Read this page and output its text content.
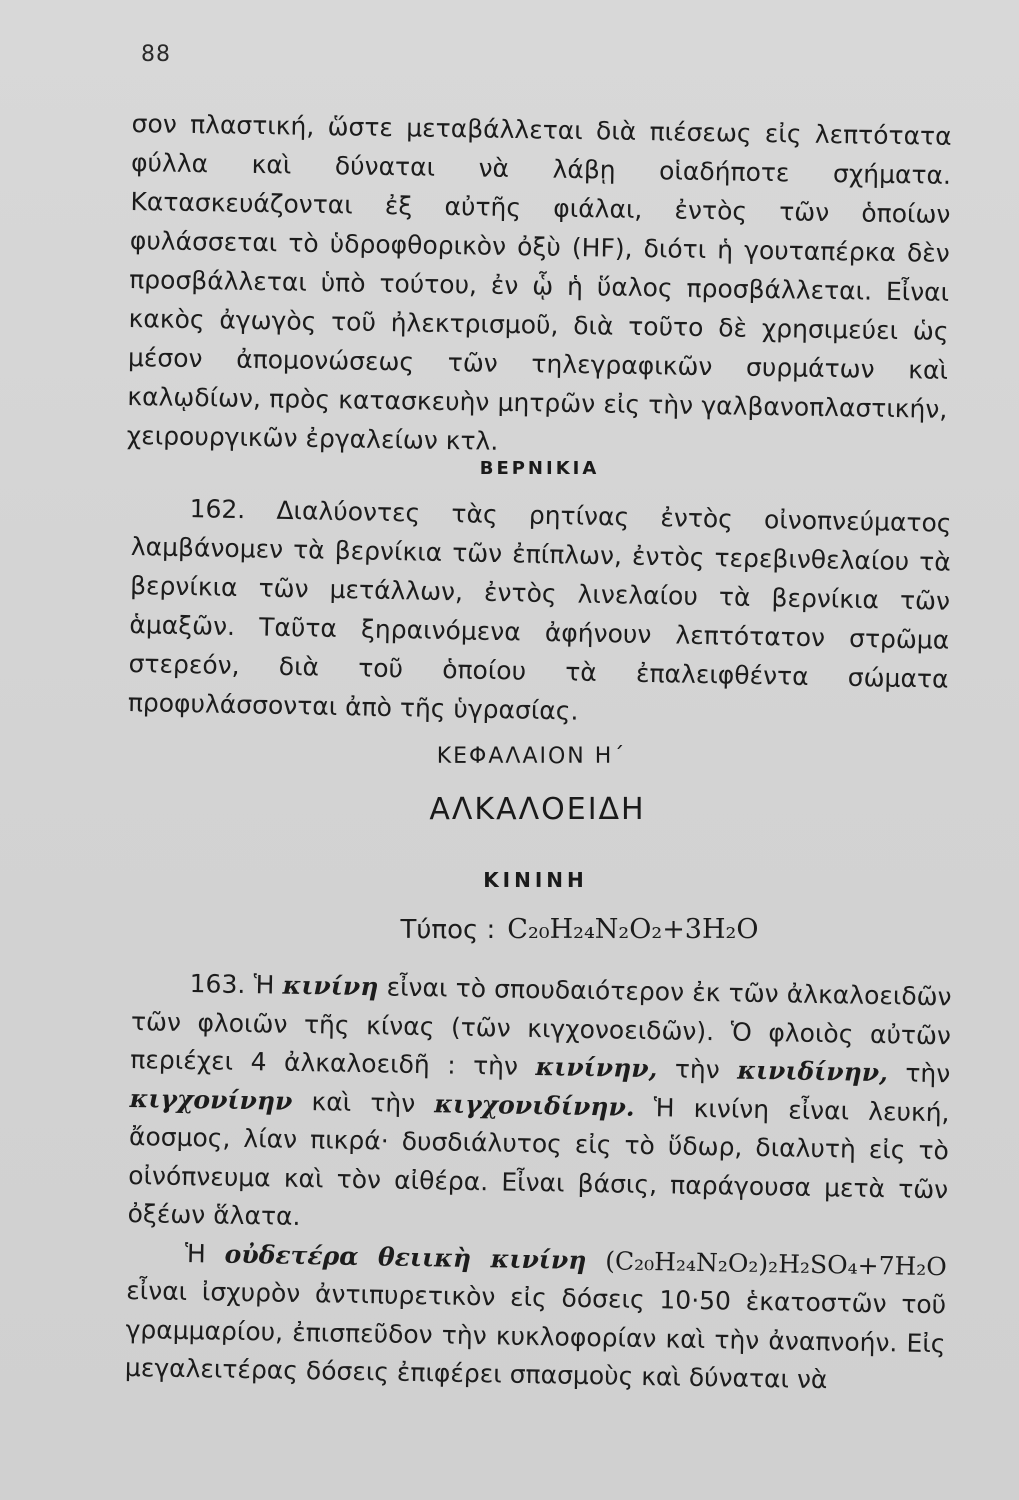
88

σον πλαστική, ὥστε μεταβάλλεται διὰ πιέσεως εἰς λεπτότατα φύλλα καὶ δύναται νὰ λάβῃ οἱαδήποτε σχήματα. Κατασκευάζονται ἐξ αὐτῆς φιάλαι, ἐντὸς τῶν ὁποίων φυλάσσεται τὸ ὑδροφθορικὸν ὀξὺ (HF), διότι ἡ γουταπέρκα δὲν προσβάλλεται ὑπὸ τούτου, ἐν ᾧ ἡ ὕαλος προσβάλλεται. Εἶναι κακὸς ἀγωγὸς τοῦ ἠλεκτρισμοῦ, διὰ τοῦτο δὲ χρησιμεύει ὡς μέσον ἀπομονώσεως τῶν τηλεγραφικῶν συρμάτων καὶ καλῳδίων, πρὸς κατασκευὴν μητρῶν εἰς τὴν γαλβανοπλαστικήν, χειρουργικῶν ἐργαλείων κτλ.

ΒΕΡΝΙΚΙΑ

162. Διαλύοντες τὰς ρητίνας ἐντὸς οἰνοπνεύματος λαμβάνομεν τὰ βερνίκια τῶν ἐπίπλων, ἐντὸς τερεβινθελαίου τὰ βερνίκια τῶν μετάλλων, ἐντὸς λινελαίου τὰ βερνίκια τῶν ἁμαξῶν. Ταῦτα ξηραινόμενα ἀφήνουν λεπτότατον στρῶμα στερεόν, διὰ τοῦ ὁποίου τὰ ἐπαλειφθέντα σώματα προφυλάσσονται ἀπὸ τῆς ὑγρασίας.

ΚΕΦΑΛΑΙΟΝ Η΄
ΑΛΚΑΛΟΕΙΔΗ
ΚΙΝΙΝΗ
Τύπος : C₂₀H₂₄N₂O₂+3H₂O

163. Ἡ κινίνη εἶναι τὸ σπουδαιότερον ἐκ τῶν ἀλκαλοειδῶν τῶν φλοιῶν τῆς κίνας (τῶν κιγχονοειδῶν). Ὁ φλοιὸς αὐτῶν περιέχει 4 ἀλκαλοειδῆ : τὴν κινίνην, τὴν κινιδίνην, τὴν κιγχονίνην καὶ τὴν κιγχονιδίνην. Ἡ κινίνη εἶναι λευκή, ἄοσμος, λίαν πικρά· δυσδιάλυτος εἰς τὸ ὕδωρ, διαλυτὴ εἰς τὸ οἰνόπνευμα καὶ τὸν αἰθέρα. Εἶναι βάσις, παράγουσα μετὰ τῶν ὀξέων ἅλατα.

Ἡ οὐδετέρα θειικὴ κινίνη (C₂₀H₂₄N₂O₂)₂H₂SO₄+7H₂O εἶναι ἰσχυρὸν ἀντιπυρετικὸν εἰς δόσεις 10·50 ἑκατοστῶν τοῦ γραμμαρίου, ἐπισπεῦδον τὴν κυκλοφορίαν καὶ τὴν ἀναπνοήν. Εἰς μεγαλειτέρας δόσεις ἐπιφέρει σπασμοὺς καὶ δύναται νὰ
